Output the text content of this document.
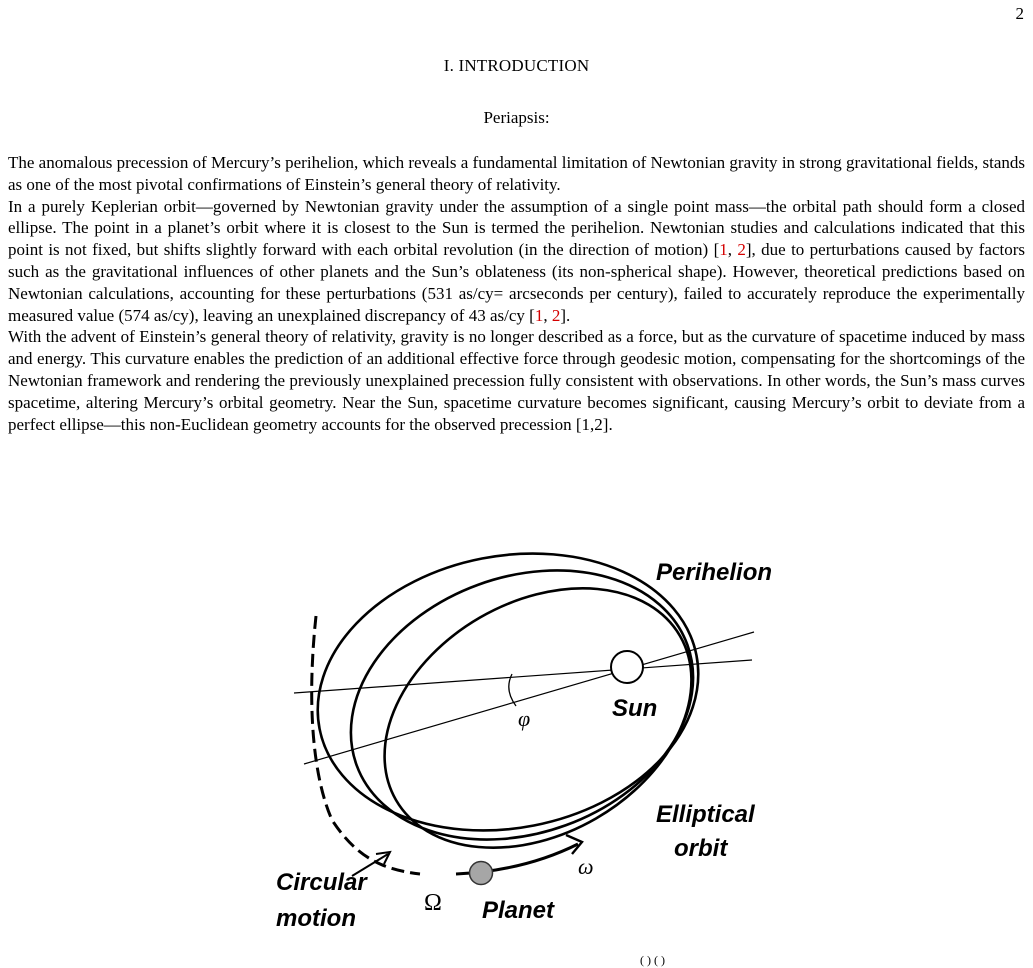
2
I. INTRODUCTION
Periapsis:

The anomalous precession of Mercury’s perihelion, which reveals a fundamental limitation of Newtonian gravity in strong gravitational fields, stands as one of the most pivotal confirmations of Einstein’s general theory of relativity.

In a purely Keplerian orbit—governed by Newtonian gravity under the assumption of a single point mass—the orbital path should form a closed ellipse. The point in a planet’s orbit where it is closest to the Sun is termed the perihelion. Newtonian studies and calculations indicated that this point is not fixed, but shifts slightly forward with each orbital revolution (in the direction of motion) [1, 2], due to perturbations caused by factors such as the gravitational influences of other planets and the Sun’s oblateness (its non-spherical shape). However, theoretical predictions based on Newtonian calculations, accounting for these perturbations (531 as/cy= arcseconds per century), failed to accurately reproduce the experimentally measured value (574 as/cy), leaving an unexplained discrepancy of 43 as/cy [1, 2].

With the advent of Einstein’s general theory of relativity, gravity is no longer described as a force, but as the curvature of spacetime induced by mass and energy. This curvature enables the prediction of an additional effective force through geodesic motion, compensating for the shortcomings of the Newtonian framework and rendering the previously unexplained precession fully consistent with observations. In other words, the Sun’s mass curves spacetime, altering Mercury’s orbital geometry. Near the Sun, spacetime curvature becomes significant, causing Mercury’s orbit to deviate from a perfect ellipse—this non-Euclidean geometry accounts for the observed precession [1,2].

Perihelion
Sun
φ
Elliptical
orbit
ω
Ω Planet
Circular
motion
( ) ( )
